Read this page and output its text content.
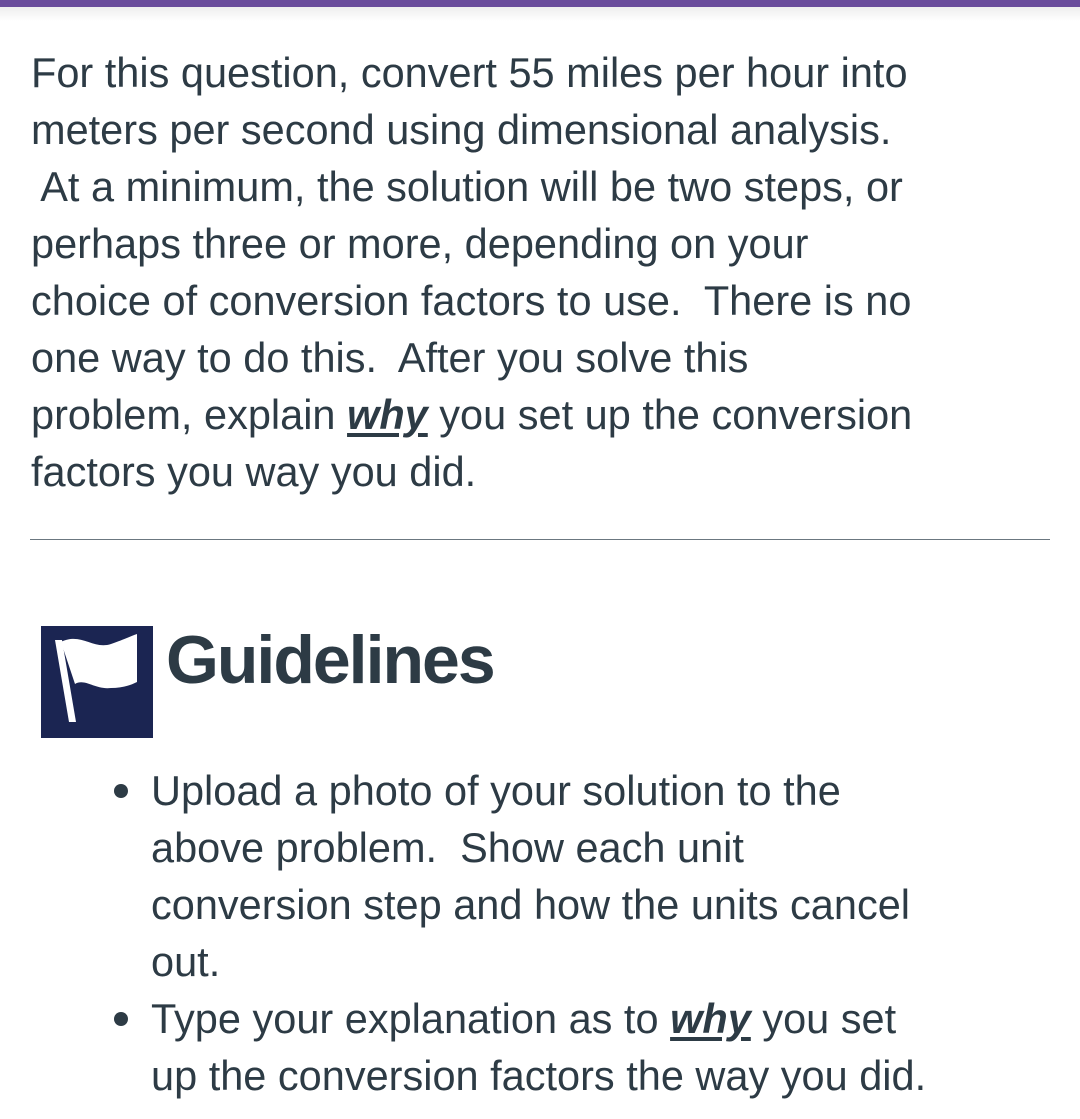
For this question, convert 55 miles per hour into
meters per second using dimensional analysis.
At a minimum, the solution will be two steps, or
perhaps three or more, depending on your
choice of conversion factors to use.  There is no
one way to do this.  After you solve this
problem, explain why you set up the conversion
factors you way you did.

Guidelines
Upload a photo of your solution to the
above problem.  Show each unit
conversion step and how the units cancel
out.
Type your explanation as to why you set
up the conversion factors the way you did.
